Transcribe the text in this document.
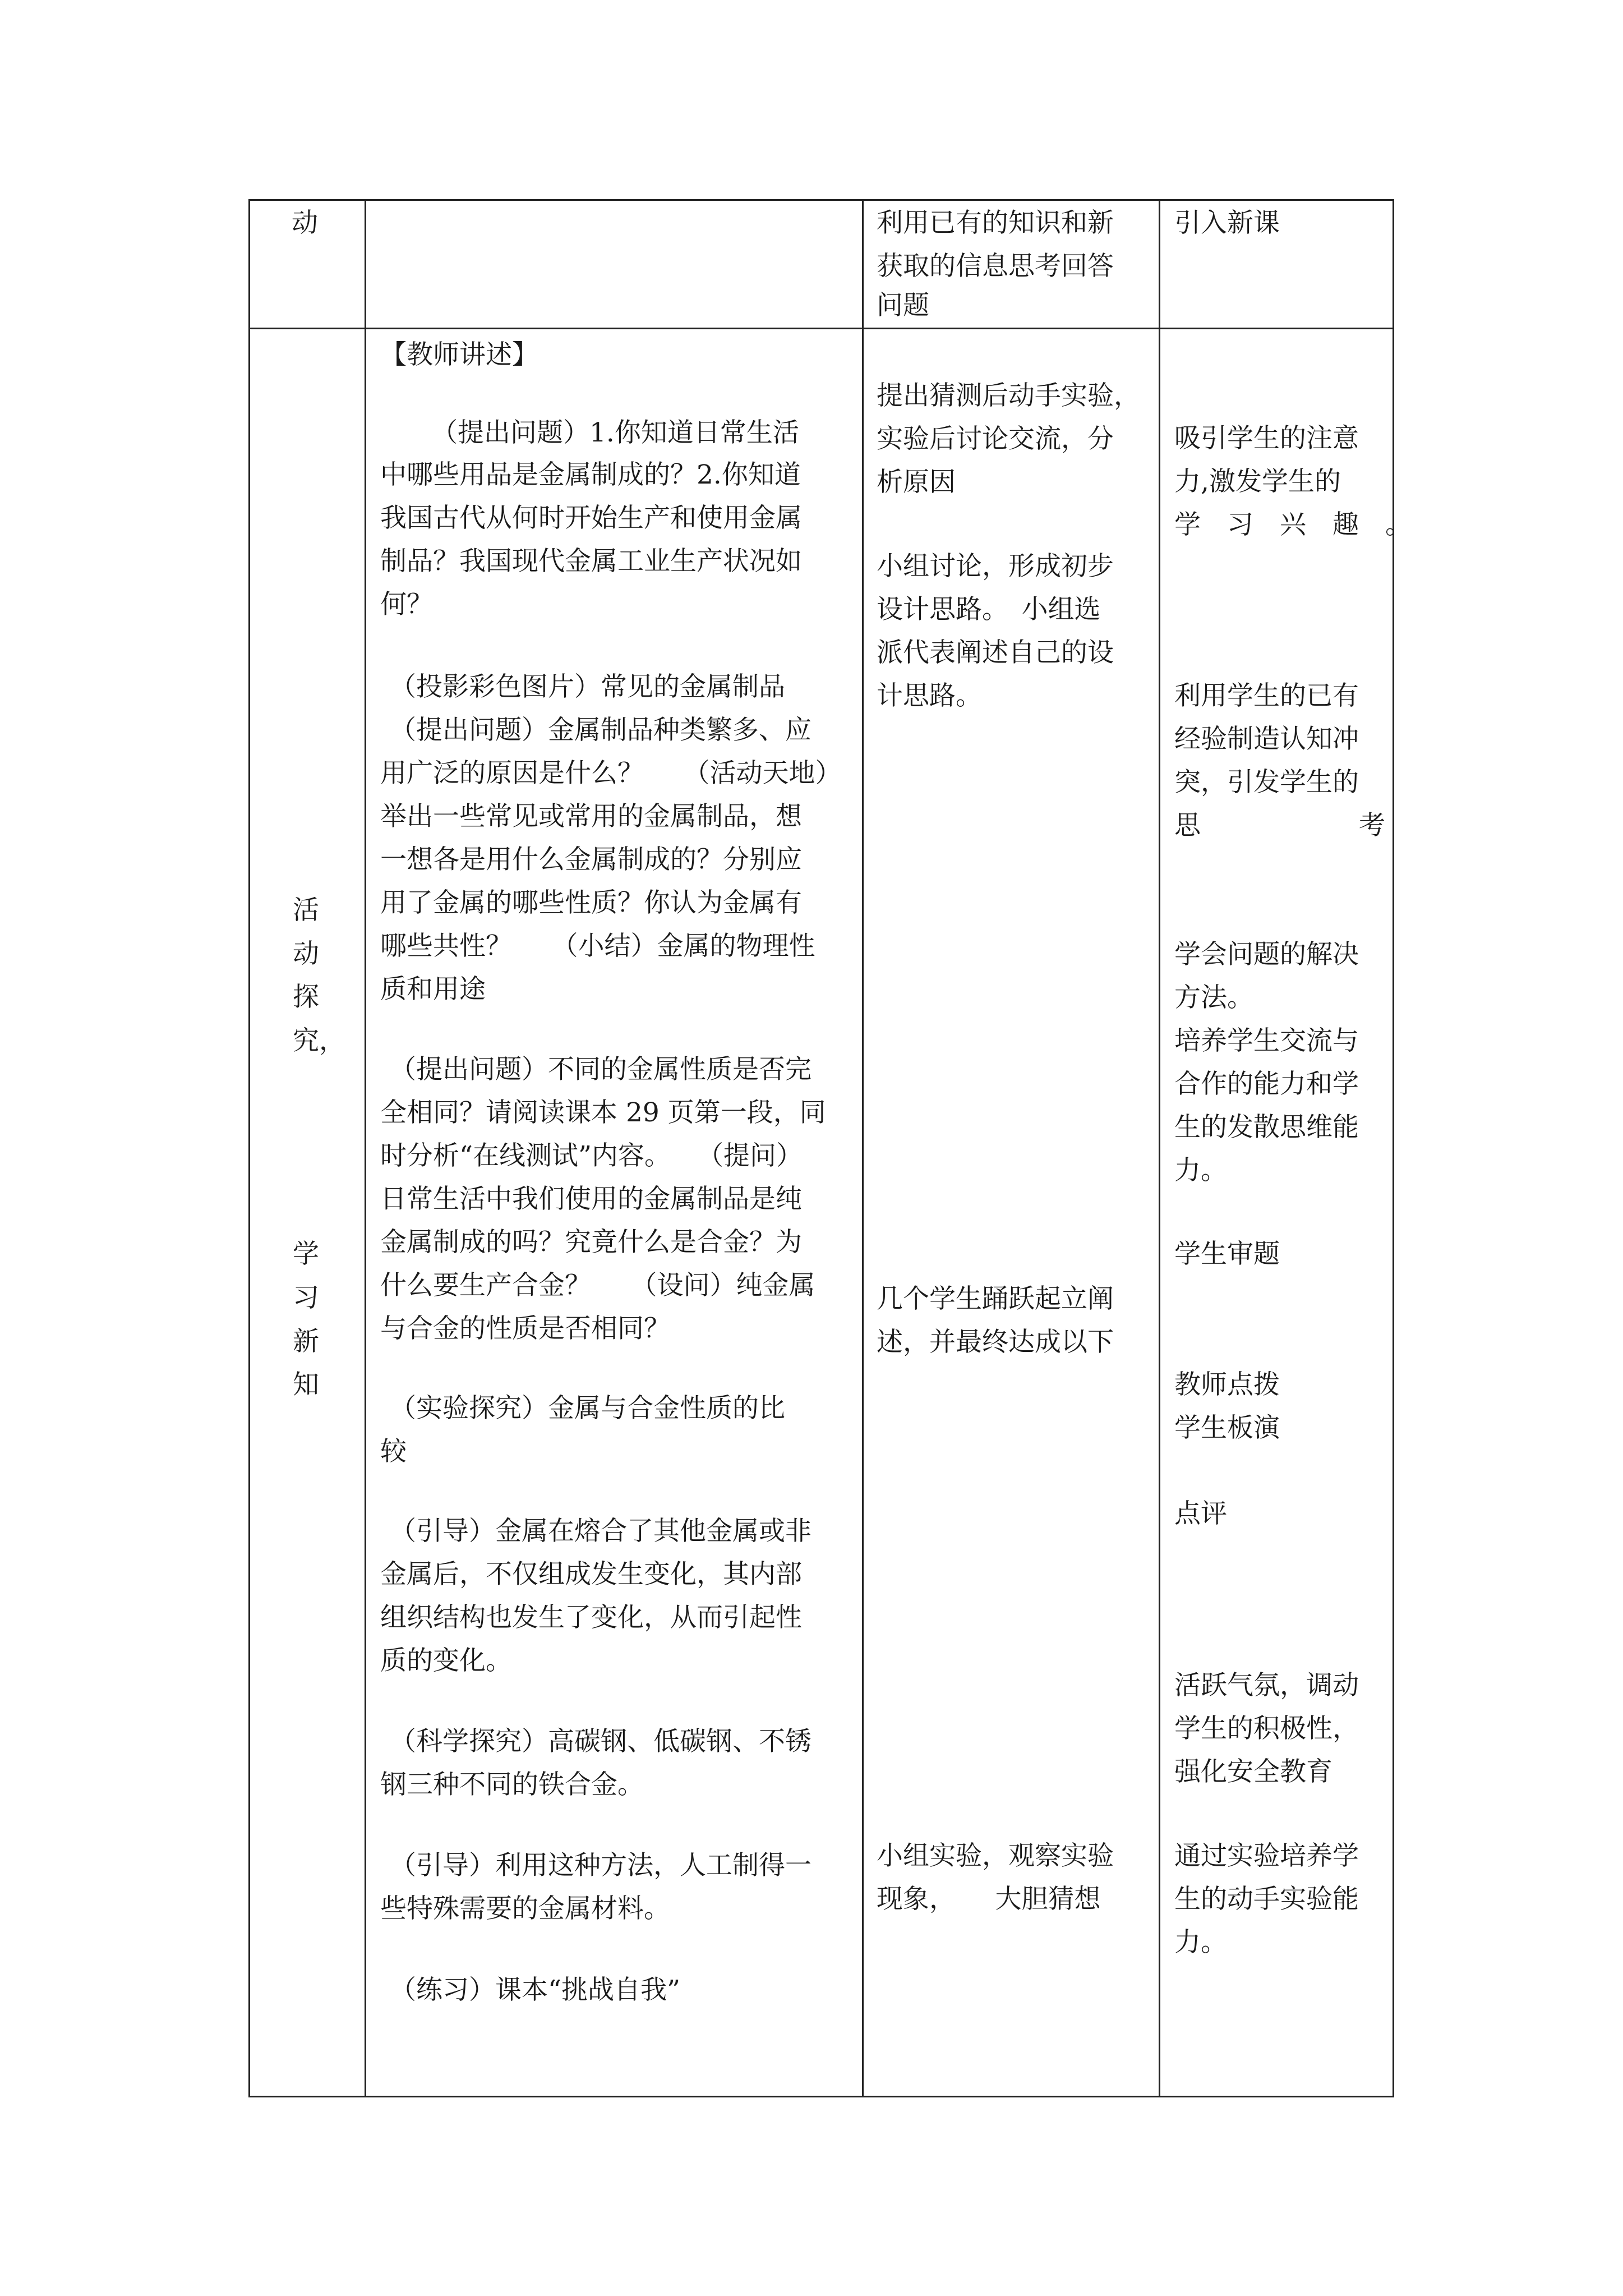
动	利用已有的知识和新
获取的信息思考回答
问题
引入新课
活
动
探
究，
学
习
新
知
【教师讲述】
（提出问题）1.你知道日常生活
中哪些用品是金属制成的？2.你知道
我国古代从何时开始生产和使用金属
制品？我国现代金属工业生产状况如
何？
（投影彩色图片）常见的金属制品
（提出问题）金属制品种类繁多、应
用广泛的原因是什么？　　（活动天地）
举出一些常见或常用的金属制品，想
一想各是用什么金属制成的？分别应
用了金属的哪些性质？你认为金属有
哪些共性？　　（小结）金属的物理性
质和用途
（提出问题）不同的金属性质是否完
全相同？请阅读课本 29 页第一段，同
时分析“在线测试”内容。　　（提问）
日常生活中我们使用的金属制品是纯
金属制成的吗？究竟什么是合金？为
什么要生产合金？　　（设问）纯金属
与合金的性质是否相同？
（实验探究）金属与合金性质的比
较
（引导）金属在熔合了其他金属或非
金属后，不仅组成发生变化，其内部
组织结构也发生了变化，从而引起性
质的变化。
（科学探究）高碳钢、低碳钢、不锈
钢三种不同的铁合金。
（引导）利用这种方法，人工制得一
些特殊需要的金属材料。
（练习）课本“挑战自我”
提出猜测后动手实验，
实验后讨论交流，分
析原因
小组讨论，形成初步
设计思路。　小组选
派代表阐述自己的设
计思路。
几个学生踊跃起立阐
述，并最终达成以下
小组实验，观察实验
现象，　　大胆猜想
吸引学生的注意
力,激发学生的
学　习　兴　趣　。
利用学生的已有
经验制造认知冲
突，引发学生的
思　　　　　　考
学会问题的解决
方法。
培养学生交流与
合作的能力和学
生的发散思维能
力。
学生审题
教师点拨
学生板演
点评
活跃气氛，调动
学生的积极性，
强化安全教育
通过实验培养学
生的动手实验能
力。
